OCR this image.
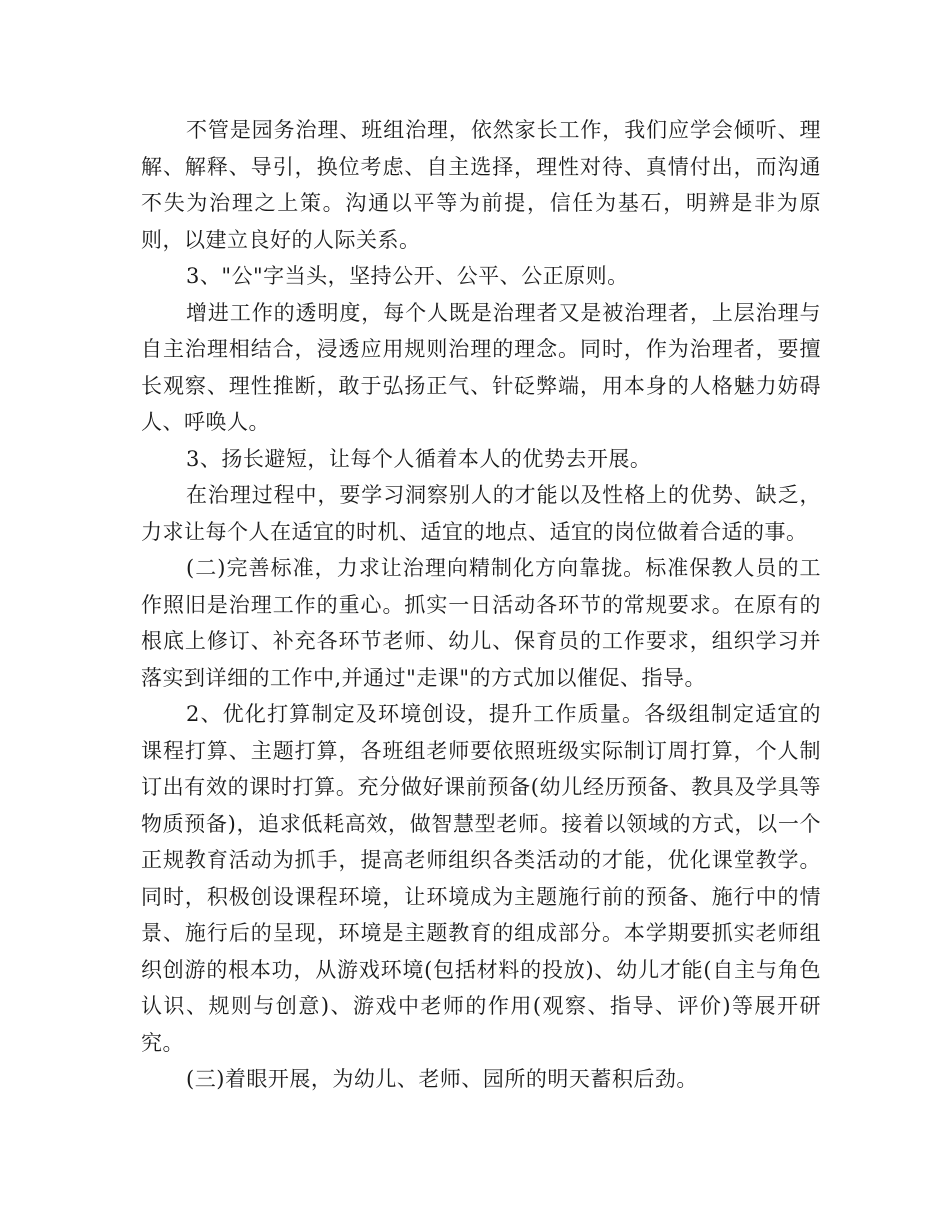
不管是园务治理、班组治理，依然家长工作，我们应学会倾听、理解、解释、导引，换位考虑、自主选择，理性对待、真情付出，而沟通不失为治理之上策。沟通以平等为前提，信任为基石，明辨是非为原则，以建立良好的人际关系。

3、"公"字当头，坚持公开、公平、公正原则。

增进工作的透明度，每个人既是治理者又是被治理者，上层治理与自主治理相结合，浸透应用规则治理的理念。同时，作为治理者，要擅长观察、理性推断，敢于弘扬正气、针砭弊端，用本身的人格魅力妨碍人、呼唤人。

3、扬长避短，让每个人循着本人的优势去开展。

在治理过程中，要学习洞察别人的才能以及性格上的优势、缺乏，力求让每个人在适宜的时机、适宜的地点、适宜的岗位做着合适的事。

(二)完善标准，力求让治理向精制化方向靠拢。标准保教人员的工作照旧是治理工作的重心。抓实一日活动各环节的常规要求。在原有的根底上修订、补充各环节老师、幼儿、保育员的工作要求，组织学习并落实到详细的工作中,并通过"走课"的方式加以催促、指导。

2、优化打算制定及环境创设，提升工作质量。各级组制定适宜的课程打算、主题打算，各班组老师要依照班级实际制订周打算，个人制订出有效的课时打算。充分做好课前预备(幼儿经历预备、教具及学具等物质预备)，追求低耗高效，做智慧型老师。接着以领域的方式，以一个正规教育活动为抓手，提高老师组织各类活动的才能，优化课堂教学。同时，积极创设课程环境，让环境成为主题施行前的预备、施行中的情景、施行后的呈现，环境是主题教育的组成部分。本学期要抓实老师组织创游的根本功，从游戏环境(包括材料的投放)、幼儿才能(自主与角色认识、规则与创意)、游戏中老师的作用(观察、指导、评价)等展开研究。

(三)着眼开展，为幼儿、老师、园所的明天蓄积后劲。
